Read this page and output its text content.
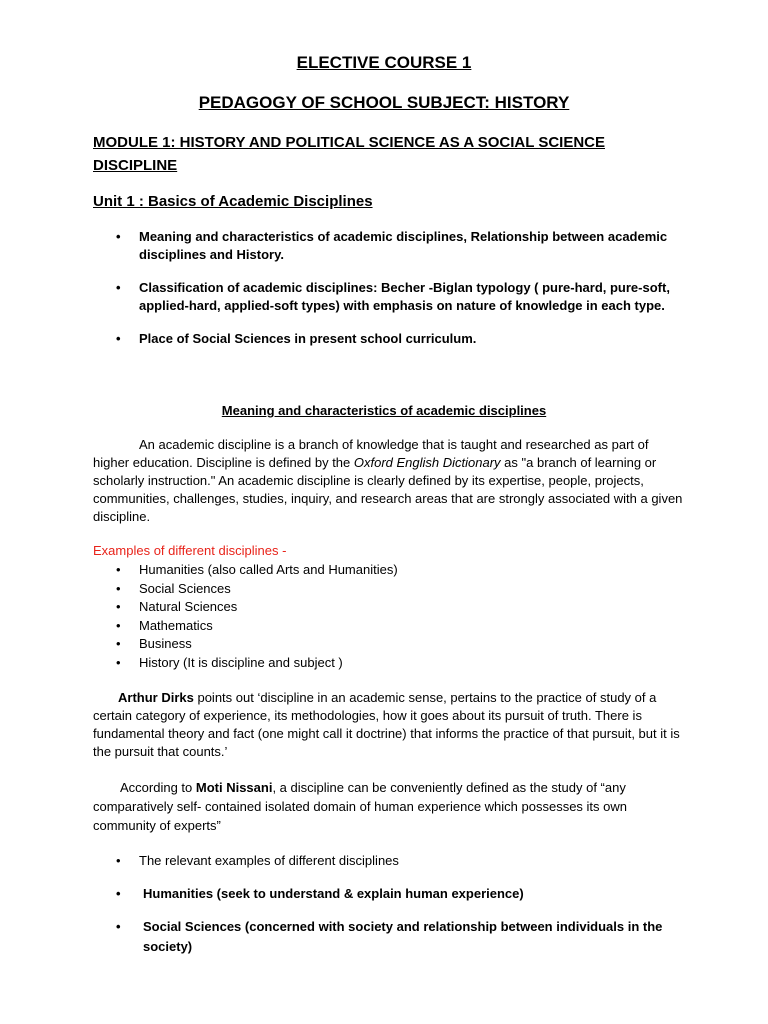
ELECTIVE COURSE 1

PEDAGOGY OF SCHOOL SUBJECT: HISTORY

MODULE 1: HISTORY AND POLITICAL SCIENCE AS A SOCIAL SCIENCE DISCIPLINE

Unit 1 : Basics of Academic Disciplines

• Meaning and characteristics of academic disciplines, Relationship between academic disciplines and History.
• Classification of academic disciplines: Becher -Biglan typology ( pure-hard, pure-soft, applied-hard, applied-soft types) with emphasis on nature of knowledge in each type.
• Place of Social Sciences in present school curriculum.

Meaning and characteristics of academic disciplines

An academic discipline is a branch of knowledge that is taught and researched as part of higher education. Discipline is defined by the Oxford English Dictionary as "a branch of learning or scholarly instruction." An academic discipline is clearly defined by its expertise, people, projects, communities, challenges, studies, inquiry, and research areas that are strongly associated with a given discipline.

Examples of different disciplines -

• Humanities (also called Arts and Humanities)
• Social Sciences
• Natural Sciences
• Mathematics
• Business
• History (It is discipline and subject )

Arthur Dirks points out ‘discipline in an academic sense, pertains to the practice of study of a certain category of experience, its methodologies, how it goes about its pursuit of truth. There is fundamental theory and fact (one might call it doctrine) that informs the practice of that pursuit, but it is the pursuit that counts.’

According to Moti Nissani, a discipline can be conveniently defined as the study of “any comparatively self- contained isolated domain of human experience which possesses its own community of experts”

• The relevant examples of different disciplines
• Humanities (seek to understand & explain human experience)
• Social Sciences (concerned with society and relationship between individuals in the society)
